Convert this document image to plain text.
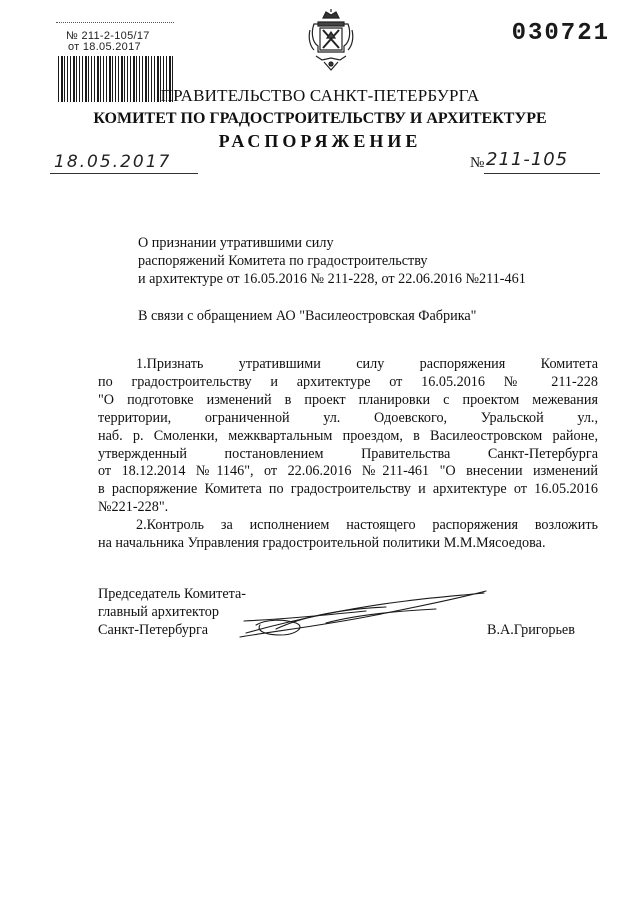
№ 211-2-105/17
от 18.05.2017	030721
ПРАВИТЕЛЬСТВО САНКТ-ПЕТЕРБУРГА
КОМИТЕТ ПО ГРАДОСТРОИТЕЛЬСТВУ И АРХИТЕКТУРЕ
РАСПОРЯЖЕНИЕ
18.05.2017	№ 211-105
О признании утратившими силу
распоряжений Комитета по градостроительству
и архитектуре от 16.05.2016 № 211-228, от 22.06.2016 №211-461
В связи с обращением АО "Василеостровская Фабрика"
1.Признать утратившими силу распоряжения Комитета
по градостроительству и архитектуре от 16.05.2016 № 211-228
"О подготовке изменений в проект планировки с проектом межевания
территории, ограниченной ул. Одоевского, Уральской ул.,
наб. р. Смоленки, межквартальным проездом, в Василеостровском районе,
утвержденный постановлением Правительства Санкт-Петербурга
от 18.12.2014 №1146", от 22.06.2016 №211-461 "О внесении изменений
в распоряжение Комитета по градостроительству и архитектуре от 16.05.2016
№221-228".
2.Контроль за исполнением настоящего распоряжения возложить
на начальника Управления градостроительной политики М.М.Мясоедова.
Председатель Комитета-
главный архитектор
Санкт-Петербурга	В.А.Григорьев
